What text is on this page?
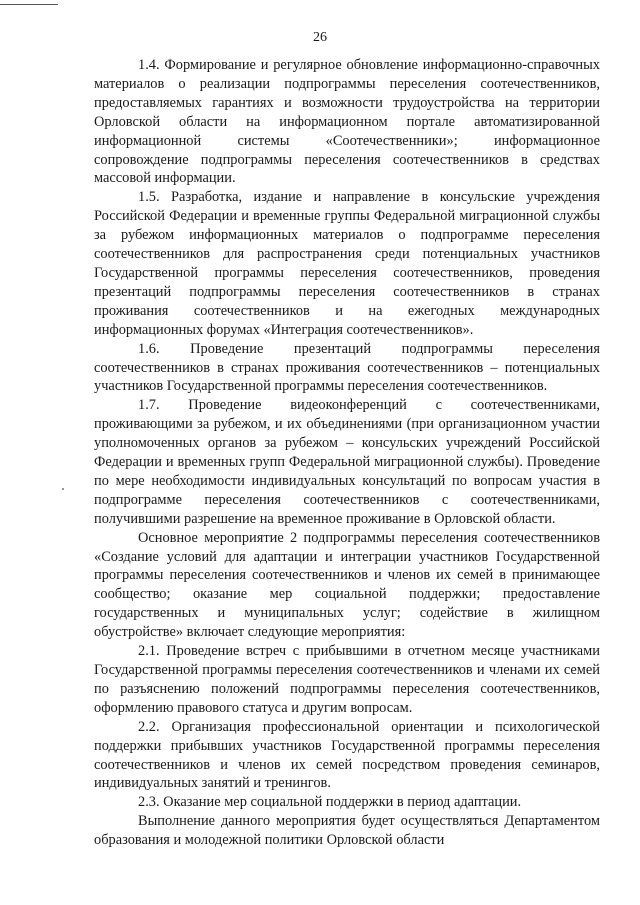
26

1.4. Формирование и регулярное обновление информационно-справочных материалов о реализации подпрограммы переселения соотечественников, предоставляемых гарантиях и возможности трудоустройства на территории Орловской области на информационном портале автоматизированной информационной системы «Соотечественники»; информационное сопровождение подпрограммы переселения соотечественников в средствах массовой информации.

1.5. Разработка, издание и направление в консульские учреждения Российской Федерации и временные группы Федеральной миграционной службы за рубежом информационных материалов о подпрограмме переселения соотечественников для распространения среди потенциальных участников Государственной программы переселения соотечественников, проведения презентаций подпрограммы переселения соотечественников в странах проживания соотечественников и на ежегодных международных информационных форумах «Интеграция соотечественников».

1.6. Проведение презентаций подпрограммы переселения соотечественников в странах проживания соотечественников – потенциальных участников Государственной программы переселения соотечественников.

1.7. Проведение видеоконференций с соотечественниками, проживающими за рубежом, и их объединениями (при организационном участии уполномоченных органов за рубежом – консульских учреждений Российской Федерации и временных групп Федеральной миграционной службы). Проведение по мере необходимости индивидуальных консультаций по вопросам участия в подпрограмме переселения соотечественников с соотечественниками, получившими разрешение на временное проживание в Орловской области.

Основное мероприятие 2 подпрограммы переселения соотечественников «Создание условий для адаптации и интеграции участников Государственной программы переселения соотечественников и членов их семей в принимающее сообщество; оказание мер социальной поддержки; предоставление государственных и муниципальных услуг; содействие в жилищном обустройстве» включает следующие мероприятия:

2.1. Проведение встреч с прибывшими в отчетном месяце участниками Государственной программы переселения соотечественников и членами их семей по разъяснению положений подпрограммы переселения соотечественников, оформлению правового статуса и другим вопросам.

2.2. Организация профессиональной ориентации и психологической поддержки прибывших участников Государственной программы переселения соотечественников и членов их семей посредством проведения семинаров, индивидуальных занятий и тренингов.

2.3. Оказание мер социальной поддержки в период адаптации.

Выполнение данного мероприятия будет осуществляться Департаментом образования и молодежной политики Орловской области
